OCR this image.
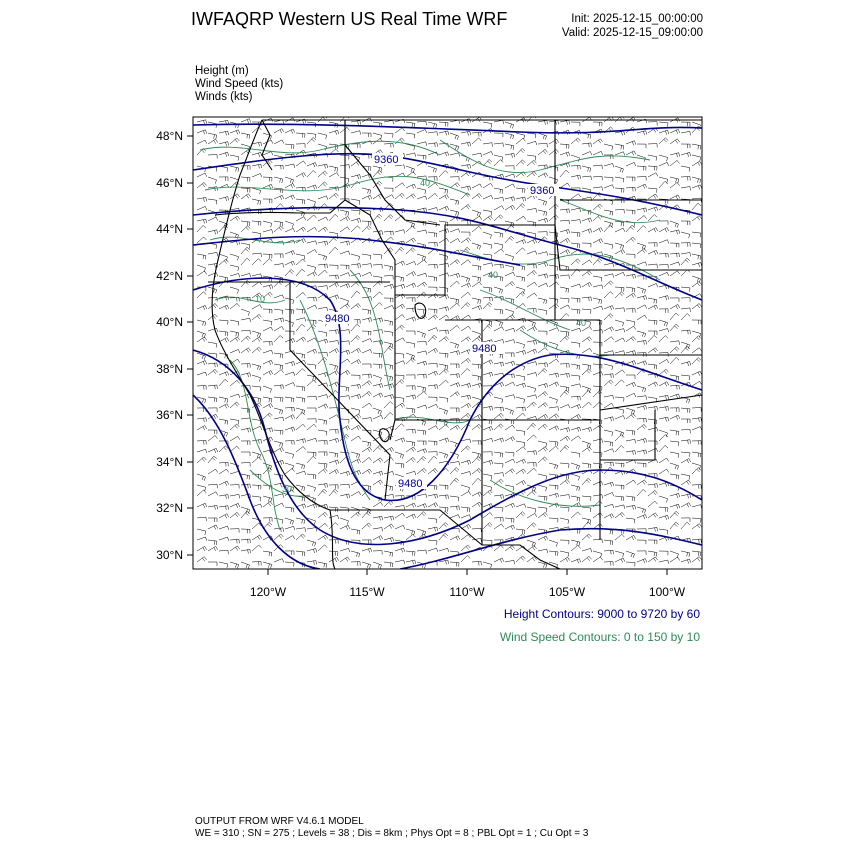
IWFAQRP Western US Real Time WRF	Init: 2025-12-15_00:00:00
Valid: 2025-12-15_09:00:00
Height (m)
Wind Speed (kts)
Winds (kts)
9360
9360
9480
9480
9480
40
40
40
10
30
48°N
46°N
44°N
42°N
40°N
38°N
36°N
34°N
32°N
30°N
120°W	115°W	110°W	105°W	100°W
Height Contours: 9000 to 9720 by 60
Wind Speed Contours: 0 to 150 by 10
OUTPUT FROM WRF V4.6.1 MODEL
WE = 310 ; SN = 275 ; Levels = 38 ; Dis = 8km ; Phys Opt = 8 ; PBL Opt = 1 ; Cu Opt = 3
